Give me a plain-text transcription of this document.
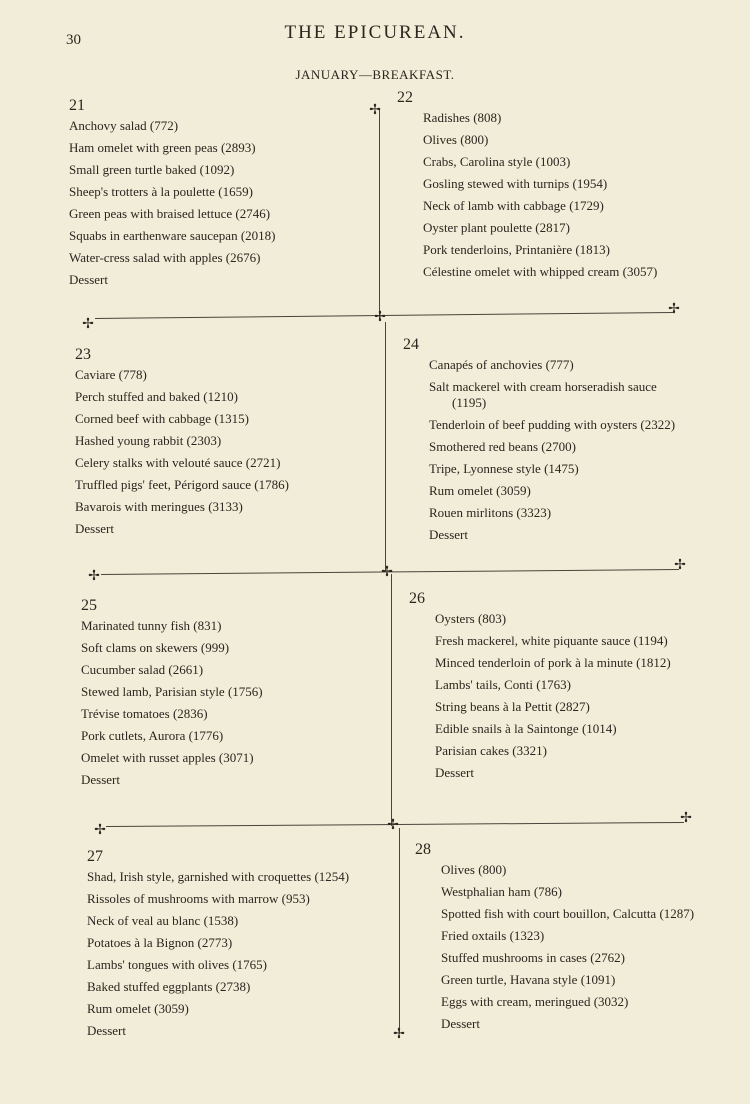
30	THE EPICUREAN.
JANUARY—BREAKFAST.
✢
✢	✢
✢
✢	✢	✢
✢	✢	✢
✢
21
Anchovy salad (772)
Ham omelet with green peas (2893)
Small green turtle baked (1092)
Sheep's trotters à la poulette (1659)
Green peas with braised lettuce (2746)
Squabs in earthenware saucepan (2018)
Water-cress salad with apples (2676)
Dessert
22
Radishes (808)
Olives (800)
Crabs, Carolina style (1003)
Gosling stewed with turnips (1954)
Neck of lamb with cabbage (1729)
Oyster plant poulette (2817)
Pork tenderloins, Printanière (1813)
Célestine omelet with whipped cream (3057)
23
Caviare (778)
Perch stuffed and baked (1210)
Corned beef with cabbage (1315)
Hashed young rabbit (2303)
Celery stalks with velouté sauce (2721)
Truffled pigs' feet, Périgord sauce (1786)
Bavarois with meringues (3133)
Dessert
24
Canapés of anchovies (777)
Salt mackerel with cream horseradish sauce (1195)
Tenderloin of beef pudding with oysters (2322)
Smothered red beans (2700)
Tripe, Lyonnese style (1475)
Rum omelet (3059)
Rouen mirlitons (3323)
Dessert
25
Marinated tunny fish (831)
Soft clams on skewers (999)
Cucumber salad (2661)
Stewed lamb, Parisian style (1756)
Trévise tomatoes (2836)
Pork cutlets, Aurora (1776)
Omelet with russet apples (3071)
Dessert
26
Oysters (803)
Fresh mackerel, white piquante sauce (1194)
Minced tenderloin of pork à la minute (1812)
Lambs' tails, Conti (1763)
String beans à la Pettit (2827)
Edible snails à la Saintonge (1014)
Parisian cakes (3321)
Dessert
27
Shad, Irish style, garnished with croquettes (1254)
Rissoles of mushrooms with marrow (953)
Neck of veal au blanc (1538)
Potatoes à la Bignon (2773)
Lambs' tongues with olives (1765)
Baked stuffed eggplants (2738)
Rum omelet (3059)
Dessert
28
Olives (800)
Westphalian ham (786)
Spotted fish with court bouillon, Calcutta (1287)
Fried oxtails (1323)
Stuffed mushrooms in cases (2762)
Green turtle, Havana style (1091)
Eggs with cream, meringued (3032)
Dessert
